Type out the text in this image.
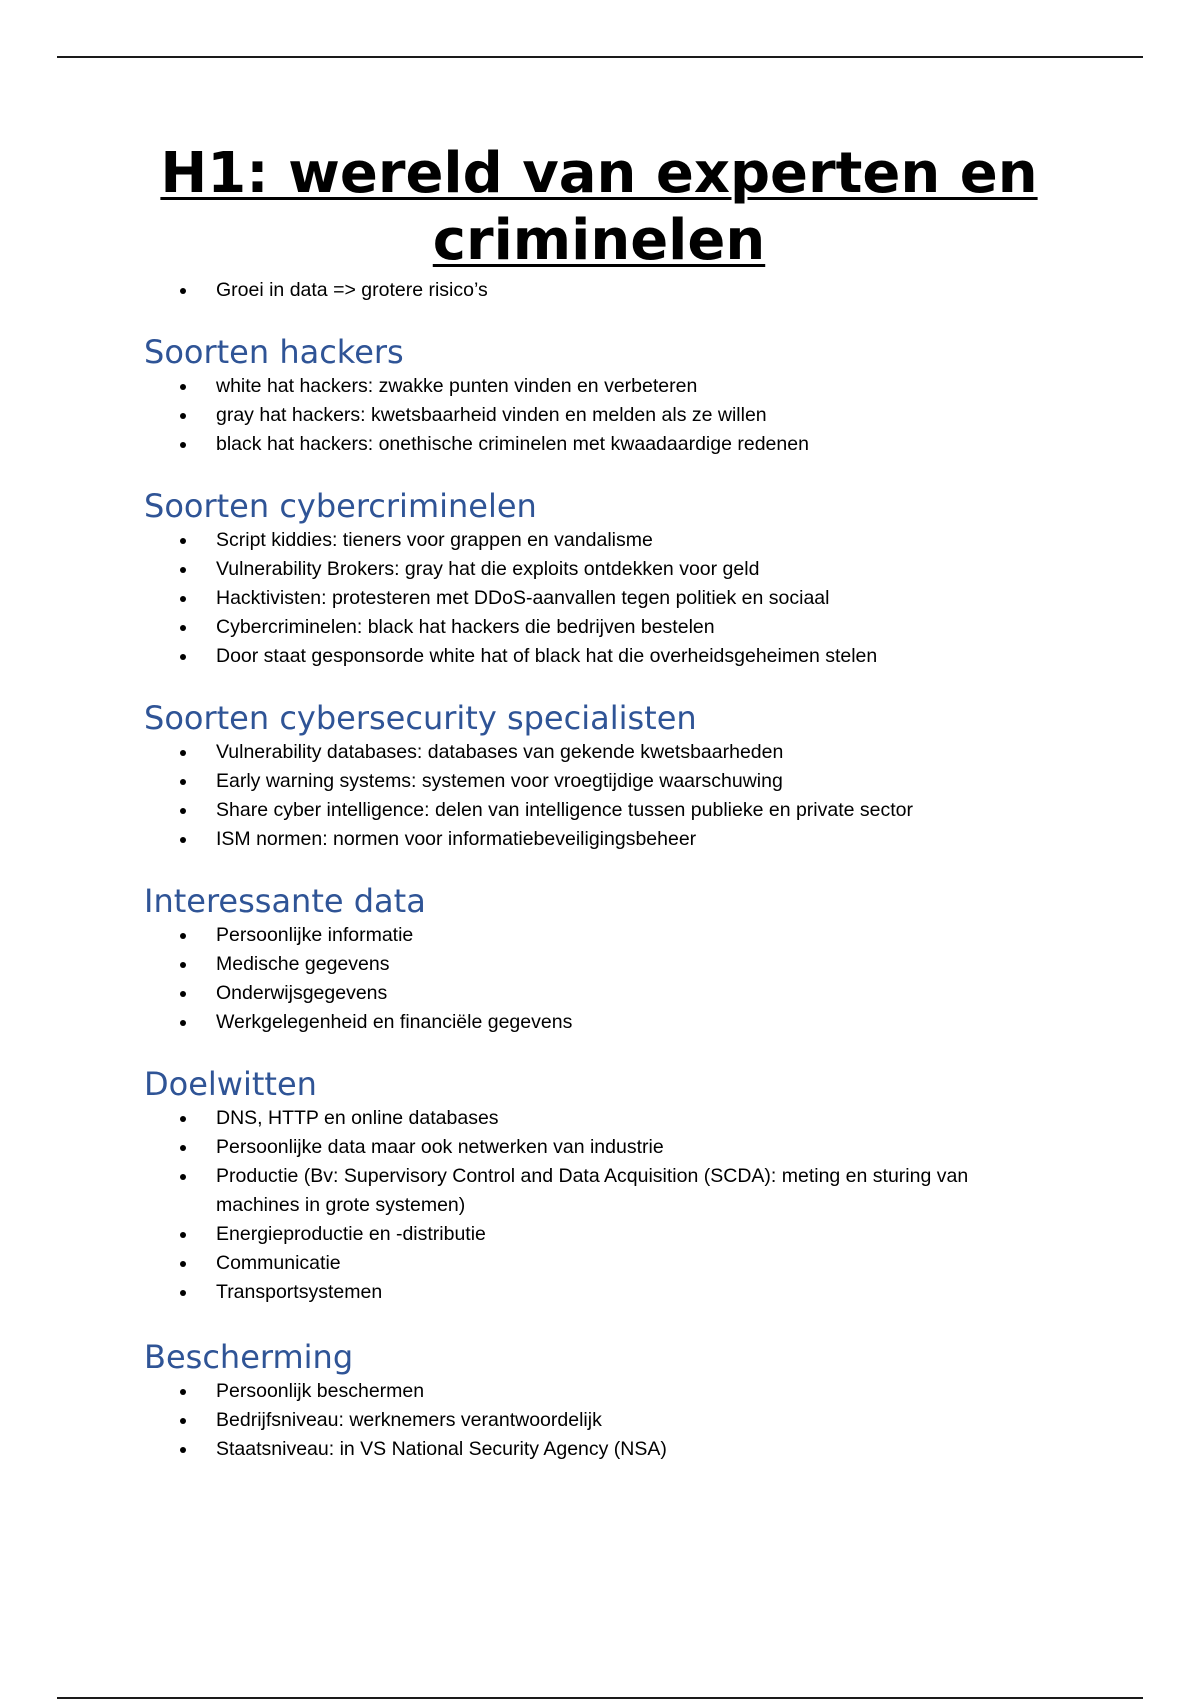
H1: wereld van experten en criminelen
Groei in data => grotere risico’s
Soorten hackers
white hat hackers: zwakke punten vinden en verbeteren
gray hat hackers: kwetsbaarheid vinden en melden als ze willen
black hat hackers: onethische criminelen met kwaadaardige redenen
Soorten cybercriminelen
Script kiddies: tieners voor grappen en vandalisme
Vulnerability Brokers: gray hat die exploits ontdekken voor geld
Hacktivisten: protesteren met DDoS-aanvallen tegen politiek en sociaal
Cybercriminelen: black hat hackers die bedrijven bestelen
Door staat gesponsorde white hat of black hat die overheidsgeheimen stelen
Soorten cybersecurity specialisten
Vulnerability databases: databases van gekende kwetsbaarheden
Early warning systems: systemen voor vroegtijdige waarschuwing
Share cyber intelligence: delen van intelligence tussen publieke en private sector
ISM normen: normen voor informatiebeveiligingsbeheer
Interessante data
Persoonlijke informatie
Medische gegevens
Onderwijsgegevens
Werkgelegenheid en financiële gegevens
Doelwitten
DNS, HTTP en online databases
Persoonlijke data maar ook netwerken van industrie
Productie (Bv: Supervisory Control and Data Acquisition (SCDA): meting en sturing van machines in grote systemen)
Energieproductie en -distributie
Communicatie
Transportsystemen
Bescherming
Persoonlijk beschermen
Bedrijfsniveau: werknemers verantwoordelijk
Staatsniveau: in VS National Security Agency (NSA)
